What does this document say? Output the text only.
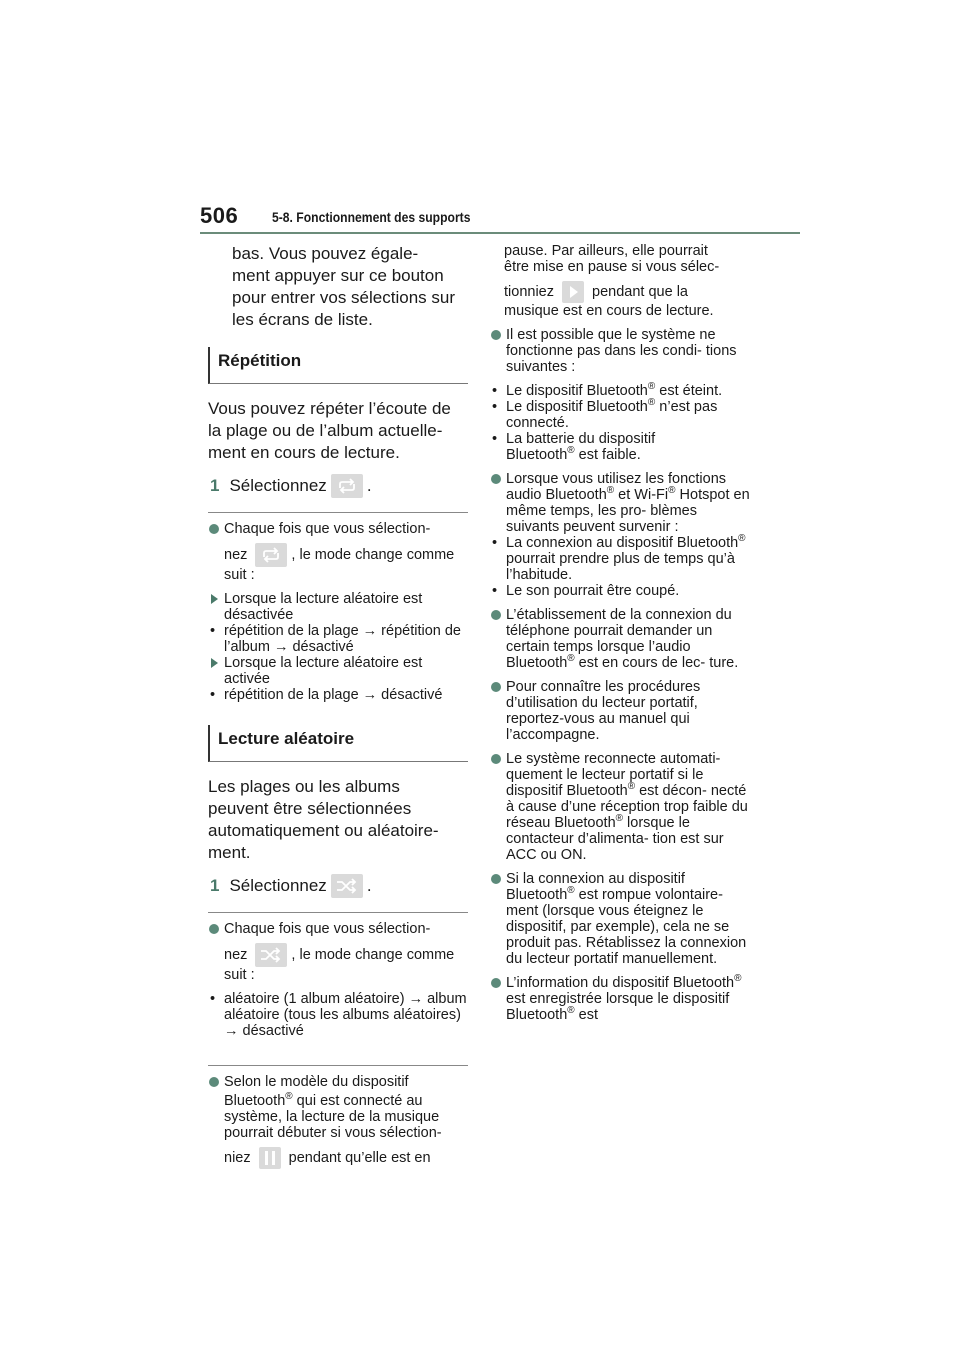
506	5-8. Fonctionnement des supports
bas. Vous pouvez égale-
ment appuyer sur ce bouton
pour entrer vos sélections sur
les écrans de liste.
Répétition
Vous pouvez répéter l’écoute de
la plage ou de l’album actuelle-
ment en cours de lecture.
1 Sélectionnez .
Chaque fois que vous sélection-
nez	, le mode change comme
suit :
Lorsque la lecture aléatoire est désactivée
• répétition de la plage → répétition de l’album → désactivé
Lorsque la lecture aléatoire est activée
• répétition de la plage → désactivé
Lecture aléatoire
Les plages ou les albums
peuvent être sélectionnées
automatiquement ou aléatoire-
ment.
1 Sélectionnez .
Chaque fois que vous sélection-
nez	, le mode change comme
suit :
• aléatoire (1 album aléatoire) → album aléatoire (tous les albums aléatoires) → désactivé
Selon le modèle du dispositif
Bluetooth® qui est connecté au
système, la lecture de la musique
pourrait débuter si vous sélection-
niez	pendant qu’elle est en
pause. Par ailleurs, elle pourrait
être mise en pause si vous sélec-
tionniez	pendant que la
musique est en cours de lecture.
Il est possible que le système ne fonctionne pas dans les condi- tions suivantes :
• Le dispositif Bluetooth® est éteint.
• Le dispositif Bluetooth® n’est pas connecté.
• La batterie du dispositif
Bluetooth® est faible.
Lorsque vous utilisez les fonctions audio Bluetooth® et Wi-Fi® Hotspot en même temps, les pro- blèmes suivants peuvent survenir :
• La connexion au dispositif Bluetooth® pourrait prendre plus de temps qu’à l’habitude.
• Le son pourrait être coupé.
L’établissement de la connexion du téléphone pourrait demander un certain temps lorsque l’audio Bluetooth® est en cours de lec- ture.
Pour connaître les procédures d’utilisation du lecteur portatif, reportez-vous au manuel qui l’accompagne.
Le système reconnecte automati- quement le lecteur portatif si le dispositif Bluetooth® est décon- necté à cause d’une réception trop faible du réseau Bluetooth® lorsque le contacteur d’alimenta- tion est sur ACC ou ON.
Si la connexion au dispositif Bluetooth® est rompue volontaire- ment (lorsque vous éteignez le dispositif, par exemple), cela ne se produit pas. Rétablissez la connexion du lecteur portatif manuellement.
L’information du dispositif Bluetooth® est enregistrée lorsque le dispositif Bluetooth® est
